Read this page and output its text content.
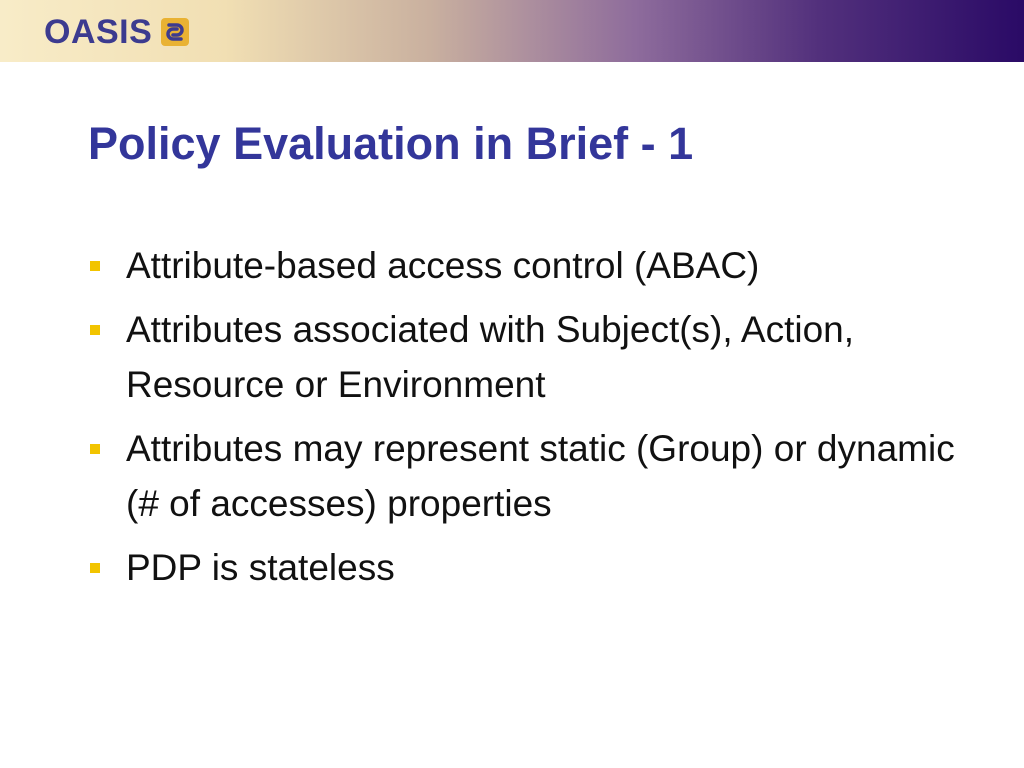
OASIS
Policy Evaluation in Brief - 1
Attribute-based access control (ABAC)
Attributes associated with Subject(s), Action, Resource or Environment
Attributes may represent static (Group) or dynamic (# of accesses) properties
PDP is stateless
